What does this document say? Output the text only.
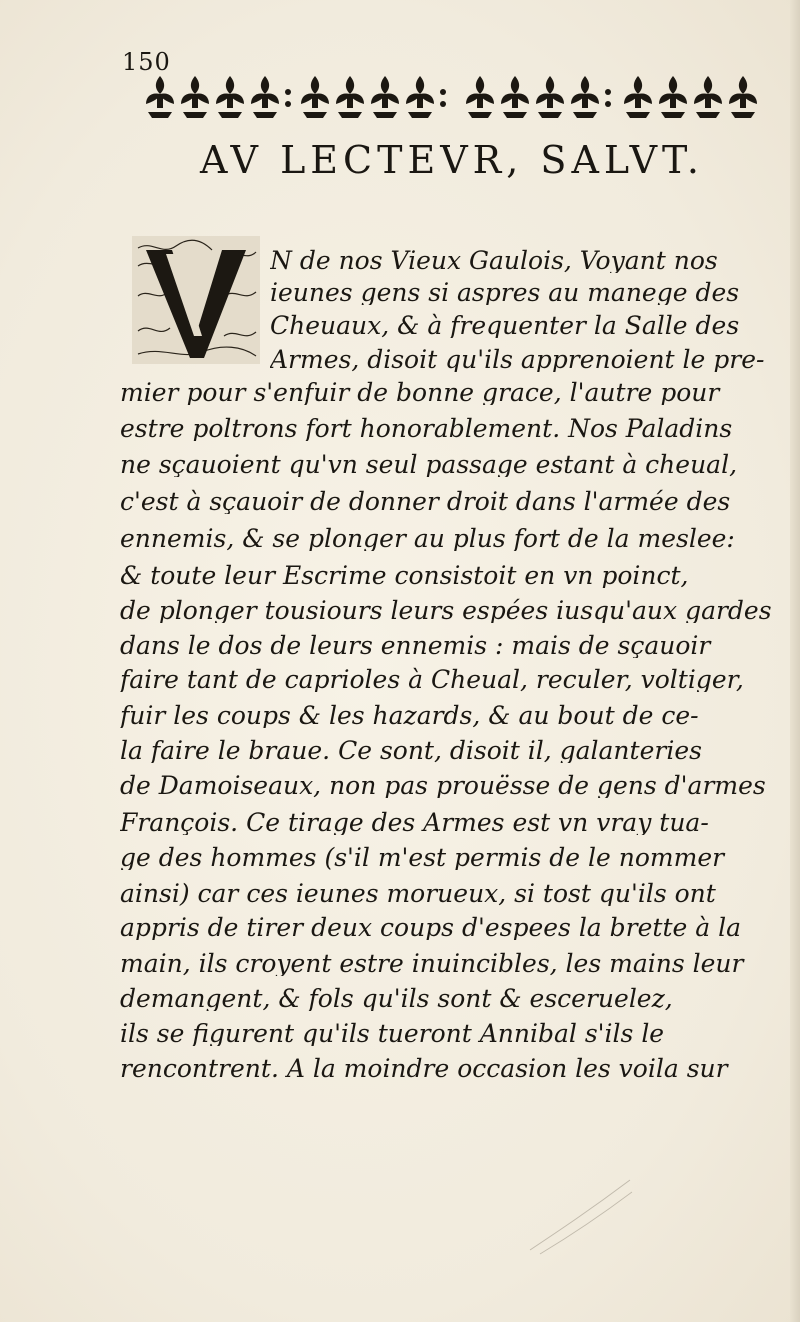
150
AV LECTEVR, SALVT.
N de nos Vieux Gaulois, Voyant nos
ieunes gens si aspres au manege des
Cheuaux, & à frequenter la Salle des
Armes, disoit qu'ils apprenoient le pre-
mier pour s'enfuir de bonne grace, l'autre pour
estre poltrons fort honorablement. Nos Paladins
ne sçauoient qu'vn seul passage estant à cheual,
c'est à sçauoir de donner droit dans l'armée des
ennemis, & se plonger au plus fort de la meslee:
& toute leur Escrime consistoit en vn poinct,
de plonger tousiours leurs espées iusqu'aux gardes
dans le dos de leurs ennemis : mais de sçauoir
faire tant de caprioles à Cheual, reculer, voltiger,
fuir les coups & les hazards, & au bout de ce-
la faire le braue. Ce sont, disoit il, galanteries
de Damoiseaux, non pas prouësse de gens d'armes
François. Ce tirage des Armes est vn vray tua-
ge des hommes (s'il m'est permis de le nommer
ainsi) car ces ieunes morueux, si tost qu'ils ont
appris de tirer deux coups d'espees la brette à la
main, ils croyent estre inuincibles, les mains leur
demangent, & fols qu'ils sont & esceruelez,
ils se figurent qu'ils tueront Annibal s'ils le
rencontrent. A la moindre occasion les voila sur
